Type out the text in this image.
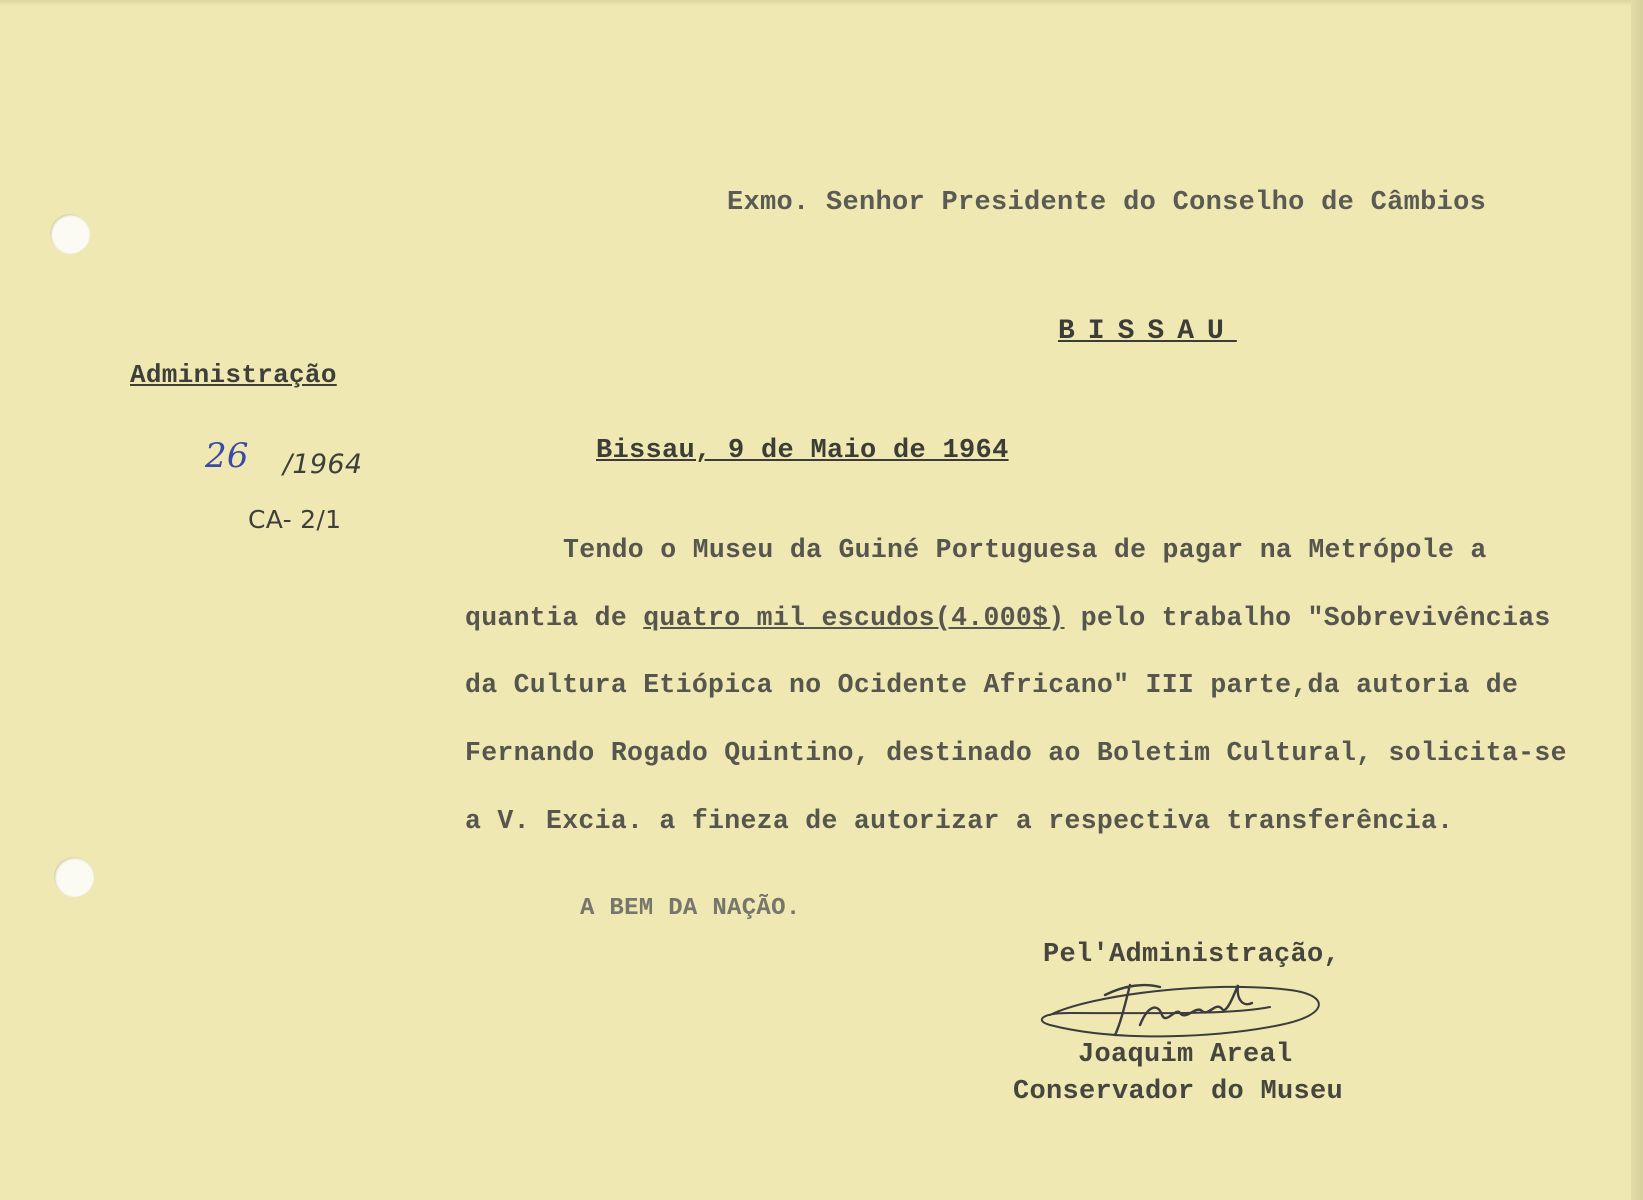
Exmo. Senhor Presidente do Conselho de Câmbios
BISSAU
Administração
26 /1964
CA- 2/1
Bissau, 9 de Maio de 1964
Tendo o Museu da Guiné Portuguesa de pagar na Metrópole a
quantia de quatro mil escudos(4.000$) pelo trabalho "Sobrevivências
da Cultura Etiópica no Ocidente Africano" III parte,da autoria de
Fernando Rogado Quintino, destinado ao Boletim Cultural, solicita-se
a V. Excia. a fineza de autorizar a respectiva transferência.
A BEM DA NAÇÃO.
Pel'Administração,
Joaquim Areal
Conservador do Museu
